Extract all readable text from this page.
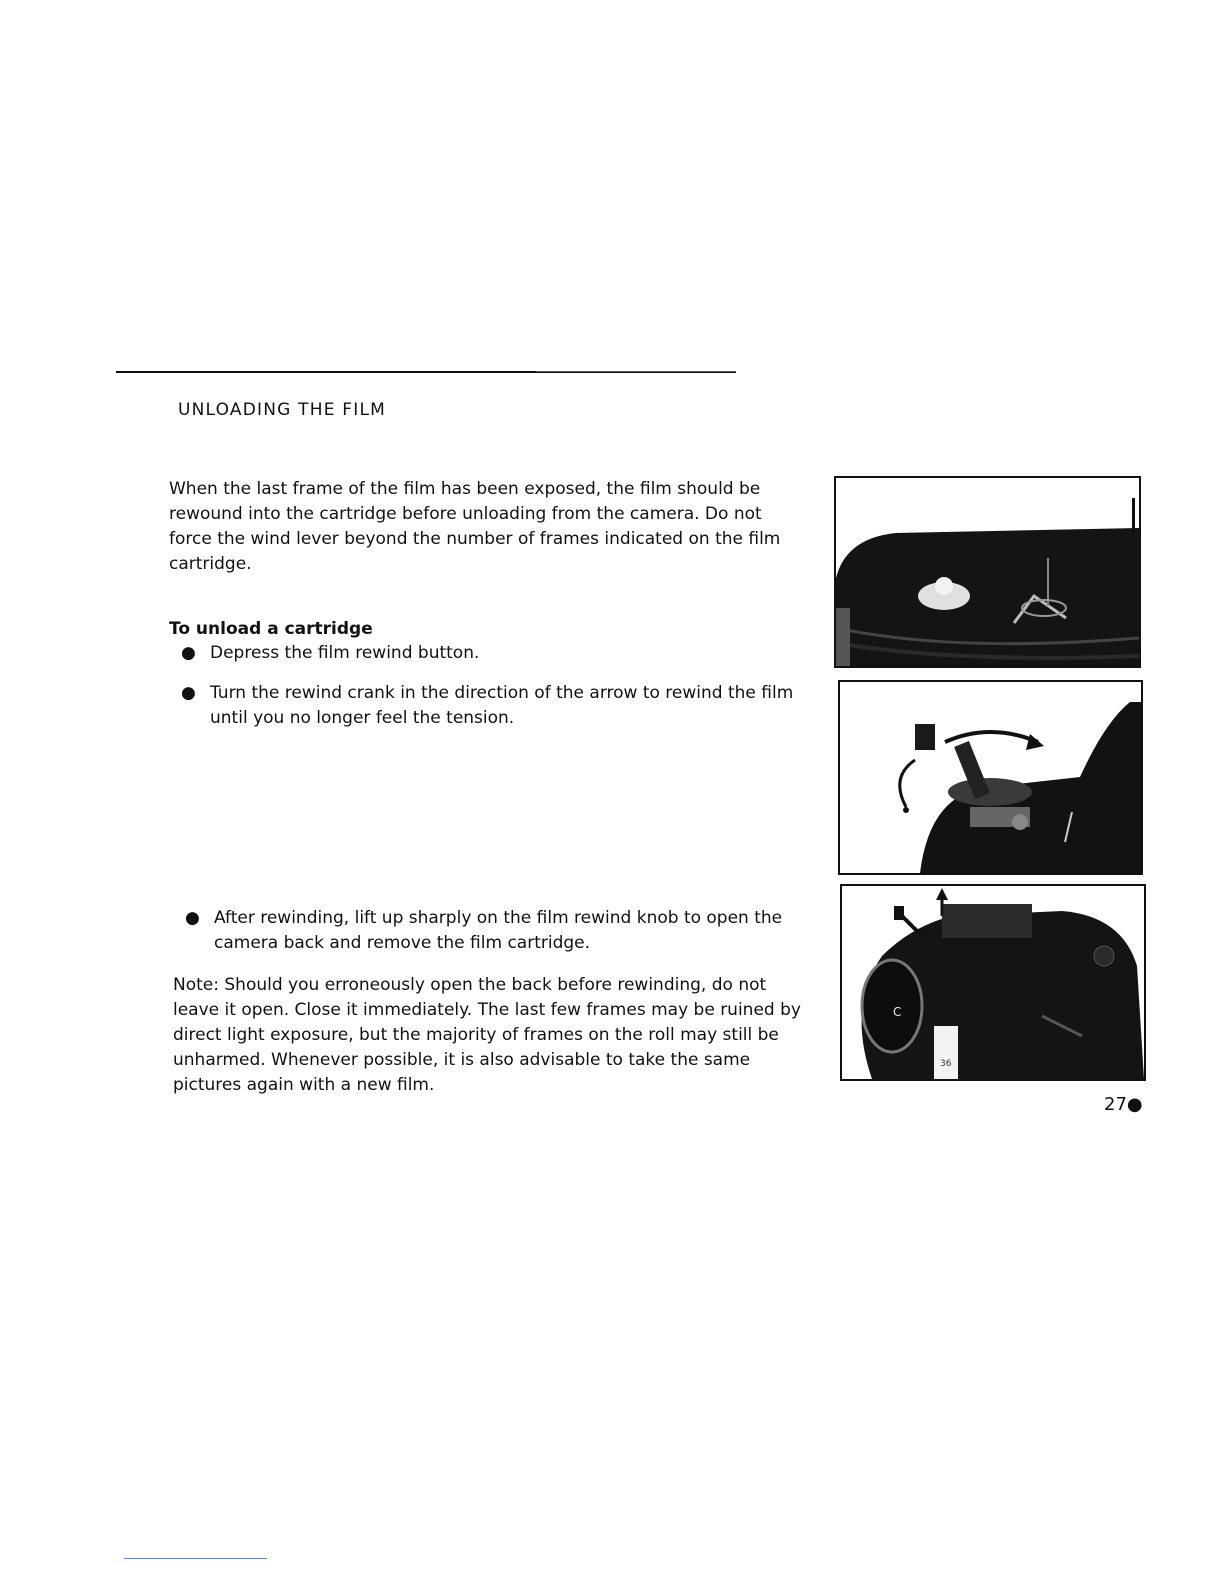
UNLOADING THE FILM
When the last frame of the film has been exposed, the film should be rewound into the cartridge before unloading from the camera. Do not force the wind lever beyond the number of frames indicated on the film cartridge.
To unload a cartridge
● Depress the film rewind button.
● Turn the rewind crank in the direction of the arrow to rewind the film until you no longer feel the tension.
● After rewinding, lift up sharply on the film rewind knob to open the camera back and remove the film cartridge.
Note: Should you erroneously open the back before rewinding, do not leave it open. Close it immediately. The last few frames may be ruined by direct light exposure, but the majority of frames on the roll may still be unharmed. Whenever possible, it is also advisable to take the same pictures again with a new film.
C
36
27●
